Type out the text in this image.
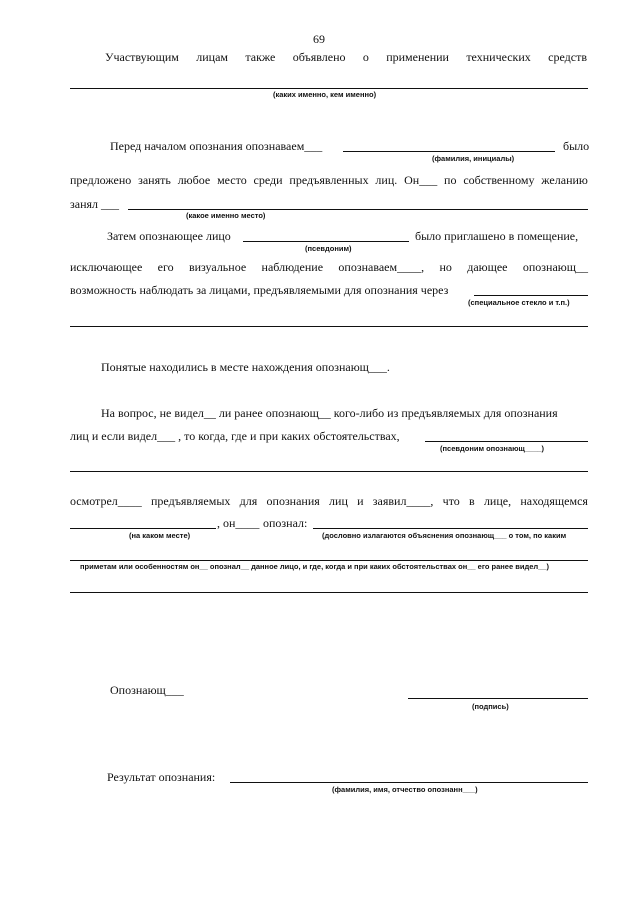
69
Участвующим лицам также объявлено о применении технических средств
(каких именно, кем именно)
Перед началом опознания опознаваем___	было
(фамилия, инициалы)
предложено занять любое место среди предъявленных лиц. Он___ по собственному желанию
занял ___
(какое именно место)
Затем опознающее лицо	было приглашено в помещение,
(псевдоним)
исключающее его визуальное наблюдение опознаваем____, но дающее опознающ__
возможность наблюдать за лицами, предъявляемыми для опознания через
(специальное стекло и т.п.)
Понятые находились в месте нахождения опознающ___.
На вопрос, не видел__ ли ранее опознающ__ кого-либо из предъявляемых для опознания
лиц и если видел___ , то когда, где и при каких обстоятельствах,
(псевдоним опознающ____)
осмотрел____ предъявляемых для опознания лиц и заявил____, что в лице, находящемся
, он____ опознал:
(на каком месте)	(дословно излагаются объяснения опознающ___ о том, по каким
приметам или особенностям он__ опознал__ данное лицо, и где, когда и при каких обстоятельствах он__ его ранее видел__)
Опознающ___
(подпись)
Результат опознания:
(фамилия, имя, отчество опознанн___)
